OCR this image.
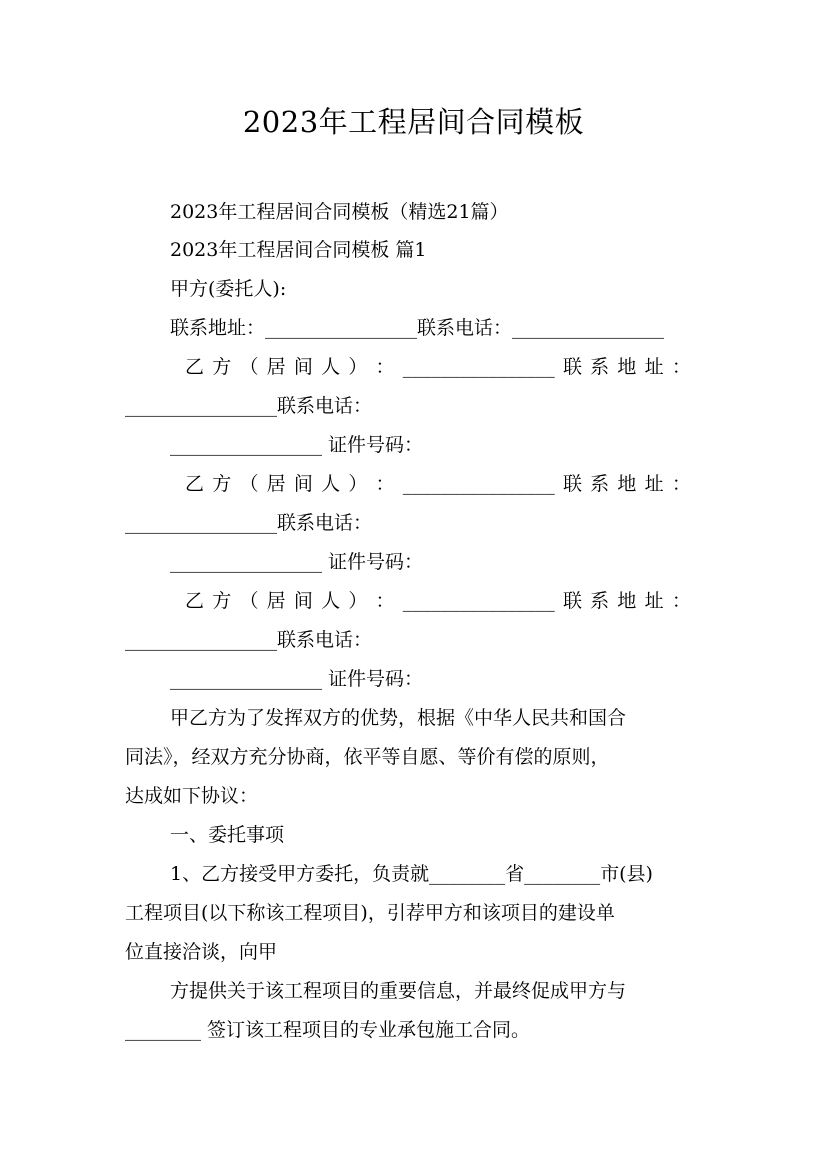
2023年工程居间合同模板
2023年工程居间合同模板（精选21篇）
2023年工程居间合同模板 篇1
甲方(委托人):
联系地址：________________联系电话：________________
乙 方 （ 居 间 人 ） ： ________________ 联 系 地 址 ：
________________联系电话：
________________ 证件号码：
乙 方 （ 居 间 人 ） ： ________________ 联 系 地 址 ：
________________联系电话：
________________ 证件号码：
乙 方 （ 居 间 人 ） ： ________________ 联 系 地 址 ：
________________联系电话：
________________ 证件号码：
甲乙方为了发挥双方的优势，根据《中华人民共和国合
同法》，经双方充分协商，依平等自愿、等价有偿的原则，
达成如下协议：
一、委托事项
1、乙方接受甲方委托，负责就________省________市(县)
工程项目(以下称该工程项目)，引荐甲方和该项目的建设单
位直接洽谈，向甲
方提供关于该工程项目的重要信息，并最终促成甲方与
________ 签订该工程项目的专业承包施工合同。
